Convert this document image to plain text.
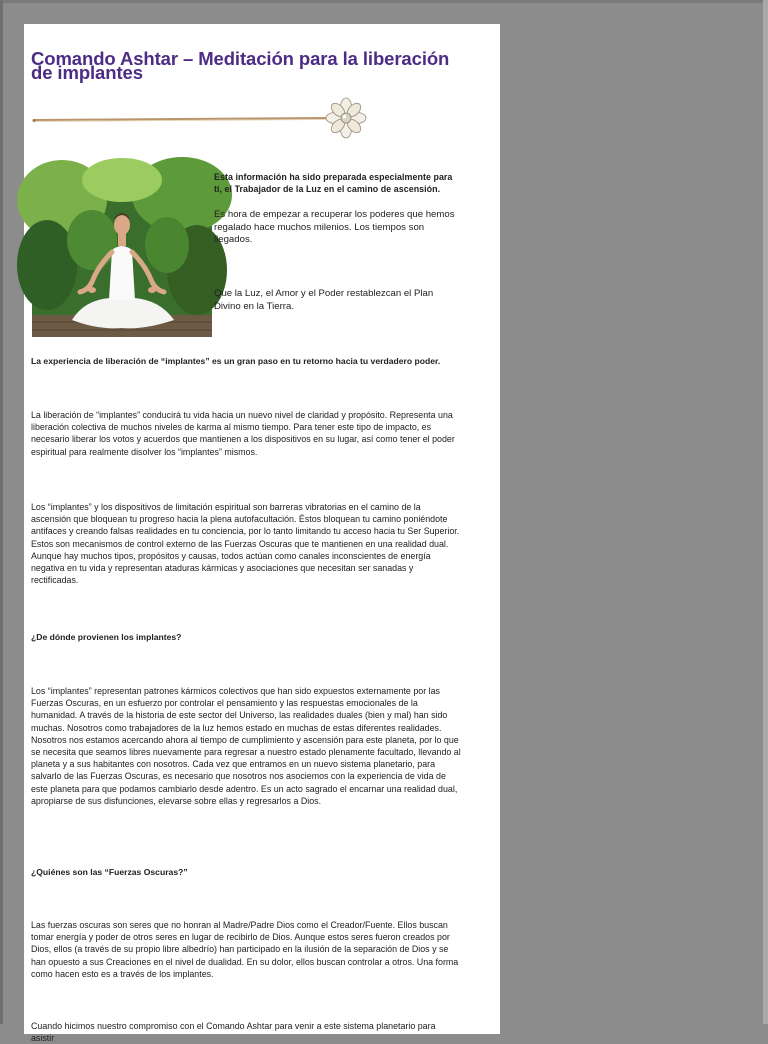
Comando Ashtar – Meditación para la liberación de implantes

Esta información ha sido preparada especialmente para ti, el Trabajador de la Luz en el camino de ascensión.

Es hora de empezar a recuperar los poderes que hemos regalado hace muchos milenios. Los tiempos son llegados.

Que la Luz, el Amor y el Poder restablezcan el Plan Divino en la Tierra.

La experiencia de liberación de “implantes” es un gran paso en tu retorno hacia tu verdadero poder.

La liberación de “implantes” conducirá tu vida hacia un nuevo nivel de claridad y propósito. Representa una liberación colectiva de muchos niveles de karma al mismo tiempo. Para tener este tipo de impacto, es necesario liberar los votos y acuerdos que mantienen a los dispositivos en su lugar, así como tener el poder espiritual para realmente disolver los “implantes” mismos.

Los “implantes” y los dispositivos de limitación espiritual son barreras vibratorias en el camino de la ascensión que bloquean tu progreso hacia la plena autofacultación. Éstos bloquean tu camino poniéndote antifaces y creando falsas realidades en tu conciencia, por lo tanto limitando tu acceso hacia tu Ser Superior. Estos son mecanismos de control externo de las Fuerzas Oscuras que te mantienen en una realidad dual. Aunque hay muchos tipos, propósitos y causas, todos actúan como canales inconscientes de energía negativa en tu vida y representan ataduras kármicas y asociaciones que necesitan ser sanadas y rectificadas.

¿De dónde provienen los implantes?

Los “implantes” representan patrones kármicos colectivos que han sido expuestos externamente por las Fuerzas Oscuras, en un esfuerzo por controlar el pensamiento y las respuestas emocionales de la humanidad. A través de la historia de este sector del Universo, las realidades duales (bien y mal) han sido muchas. Nosotros como trabajadores de la luz hemos estado en muchas de estas diferentes realidades. Nosotros nos estamos acercando ahora al tiempo de cumplimiento y ascensión para este planeta, por lo que se necesita que seamos libres nuevamente para regresar a nuestro estado plenamente facultado, llevando al planeta y a sus habitantes con nosotros. Cada vez que entramos en un nuevo sistema planetario, para salvarlo de las Fuerzas Oscuras, es necesario que nosotros nos asociemos con la experiencia de vida de este planeta para que podamos cambiarlo desde adentro. Es un acto sagrado el encarnar una realidad dual, apropiarse de sus disfunciones, elevarse sobre ellas y regresarlos a Dios.

¿Quiénes son las “Fuerzas Oscuras?”

Las fuerzas oscuras son seres que no honran al Madre/Padre Dios como el Creador/Fuente. Ellos buscan tomar energía y poder de otros seres en lugar de recibirlo de Dios. Aunque estos seres fueron creados por Dios, ellos (a través de su propio libre albedrío) han participado en la ilusión de la separación de Dios y se han opuesto a sus Creaciones en el nivel de dualidad. En su dolor, ellos buscan controlar a otros. Una forma como hacen esto es a través de los implantes.

Cuando hicimos nuestro compromiso con el Comando Ashtar para venir a este sistema planetario para asistir
